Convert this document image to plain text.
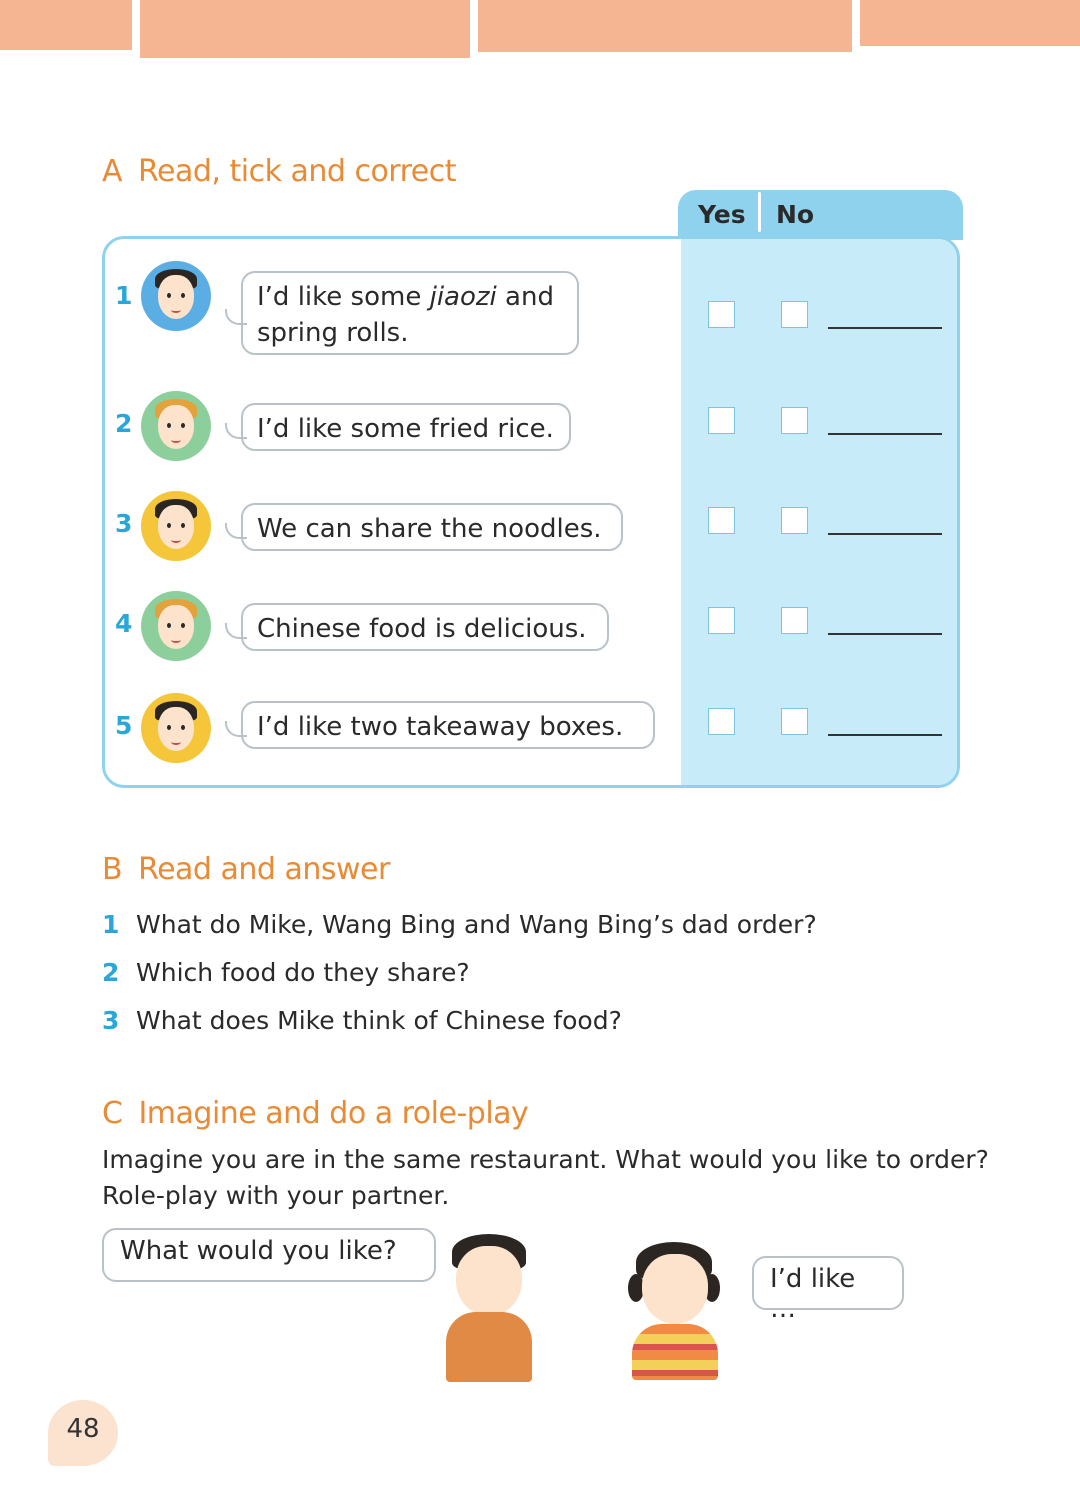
A Read, tick and correct
Yes No
1	I’d like some jiaozi and spring rolls.
2	I’d like some fried rice.
3	We can share the noodles.
4	Chinese food is delicious.
5	I’d like two takeaway boxes.
B Read and answer
1 What do Mike, Wang Bing and Wang Bing’s dad order?
2 Which food do they share?
3 What does Mike think of Chinese food?
C Imagine and do a role-play
Imagine you are in the same restaurant. What would you like to order?
Role-play with your partner.
What would you like?
I’d like …
48
